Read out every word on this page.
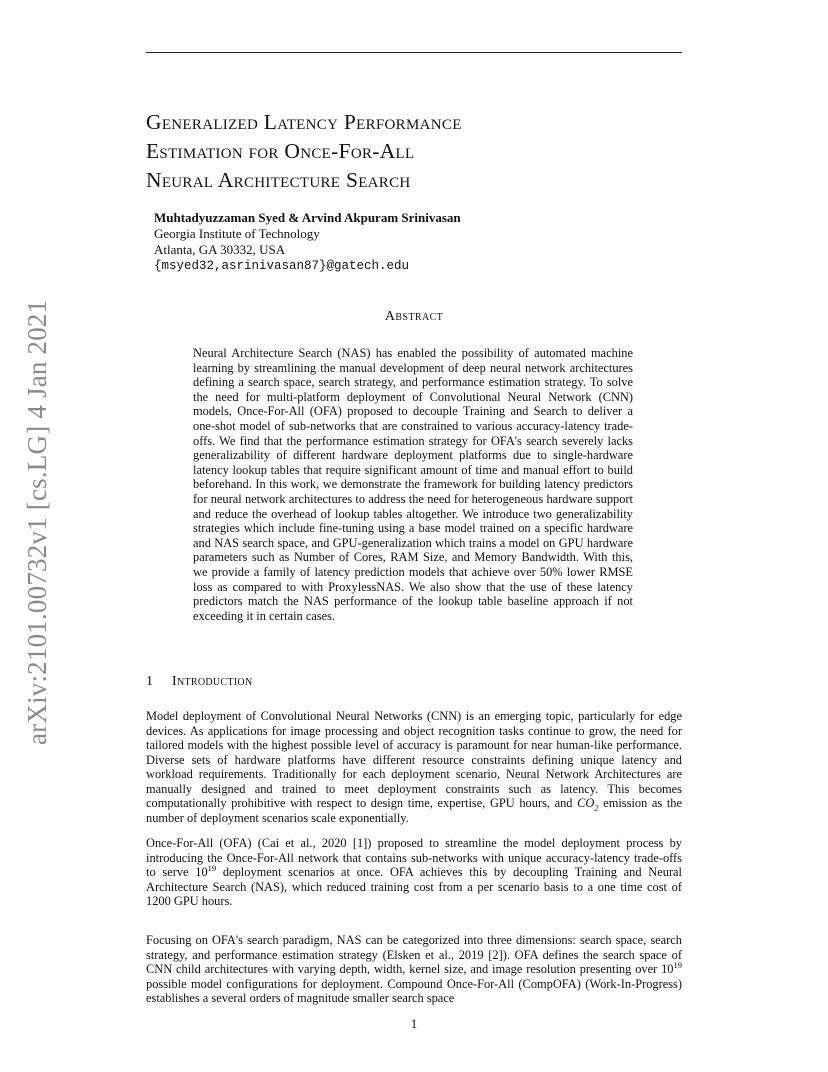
arXiv:2101.00732v1 [cs.LG] 4 Jan 2021
Generalized Latency Performance
Estimation for Once-For-All
Neural Architecture Search
Muhtadyuzzaman Syed & Arvind Akpuram Srinivasan
Georgia Institute of Technology
Atlanta, GA 30332, USA
{msyed32,asrinivasan87}@gatech.edu
Abstract

Neural Architecture Search (NAS) has enabled the possibility of automated machine learning by streamlining the manual development of deep neural network architectures defining a search space, search strategy, and performance estimation strategy. To solve the need for multi-platform deployment of Convolutional Neural Network (CNN) models, Once-For-All (OFA) proposed to decouple Training and Search to deliver a one-shot model of sub-networks that are constrained to various accuracy-latency trade-offs. We find that the performance estimation strategy for OFA's search severely lacks generalizability of different hardware deployment platforms due to single-hardware latency lookup tables that require significant amount of time and manual effort to build beforehand. In this work, we demonstrate the framework for building latency predictors for neural network architectures to address the need for heterogeneous hardware support and reduce the overhead of lookup tables altogether. We introduce two generalizability strategies which include fine-tuning using a base model trained on a specific hardware and NAS search space, and GPU-generalization which trains a model on GPU hardware parameters such as Number of Cores, RAM Size, and Memory Bandwidth. With this, we provide a family of latency prediction models that achieve over 50% lower RMSE loss as compared to with ProxylessNAS. We also show that the use of these latency predictors match the NAS performance of the lookup table baseline approach if not exceeding it in certain cases.

1 Introduction

Model deployment of Convolutional Neural Networks (CNN) is an emerging topic, particularly for edge devices. As applications for image processing and object recognition tasks continue to grow, the need for tailored models with the highest possible level of accuracy is paramount for near human-like performance. Diverse sets of hardware platforms have different resource constraints defining unique latency and workload requirements. Traditionally for each deployment scenario, Neural Network Architectures are manually designed and trained to meet deployment constraints such as latency. This becomes computationally prohibitive with respect to design time, expertise, GPU hours, and $CO_2$ emission as the number of deployment scenarios scale exponentially.

Once-For-All (OFA) (Cai et al., 2020 [1]) proposed to streamline the model deployment process by introducing the Once-For-All network that contains sub-networks with unique accuracy-latency trade-offs to serve $10^{19}$ deployment scenarios at once. OFA achieves this by decoupling Training and Neural Architecture Search (NAS), which reduced training cost from a per scenario basis to a one time cost of 1200 GPU hours.

Focusing on OFA's search paradigm, NAS can be categorized into three dimensions: search space, search strategy, and performance estimation strategy (Elsken et al., 2019 [2]). OFA defines the search space of CNN child architectures with varying depth, width, kernel size, and image resolution presenting over $10^{19}$ possible model configurations for deployment. Compound Once-For-All (CompOFA) (Work-In-Progress) establishes a several orders of magnitude smaller search space

1
